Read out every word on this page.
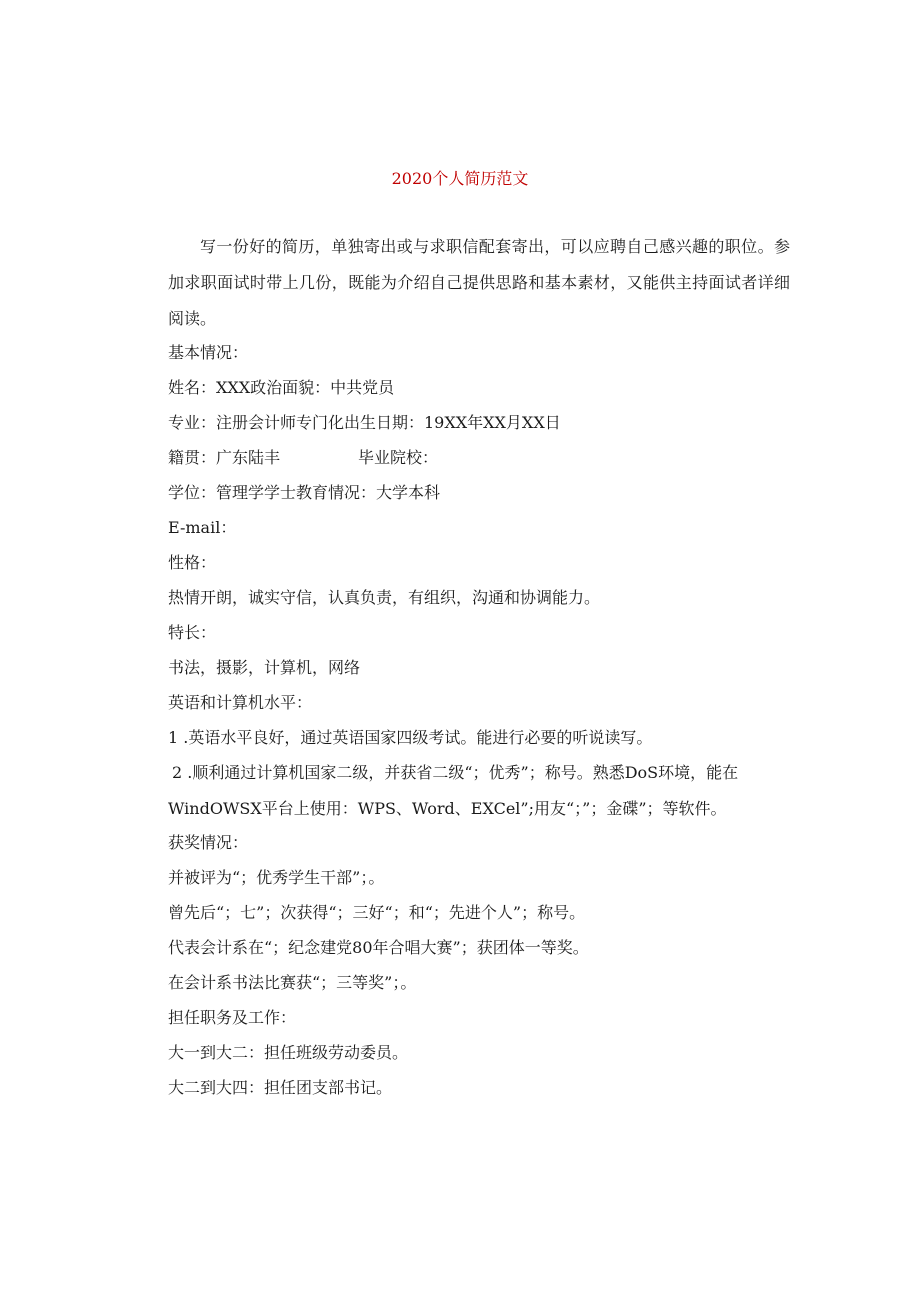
2020个人简历范文
写一份好的简历，单独寄出或与求职信配套寄出，可以应聘自己感兴趣的职位。参加求职面试时带上几份，既能为介绍自己提供思路和基本素材，又能供主持面试者详细阅读。
基本情况：
姓名：XXX政治面貌：中共党员
专业：注册会计师专门化出生日期：19XX年XX月XX日
籍贯：广东陆丰	毕业院校：
学位：管理学学士教育情况：大学本科
E-mail：
性格：
热情开朗，诚实守信，认真负责，有组织，沟通和协调能力。
特长：
书法，摄影，计算机，网络
英语和计算机水平：
1 .英语水平良好，通过英语国家四级考试。能进行必要的听说读写。
2 .顺利通过计算机国家二级，并获省二级“；优秀”；称号。熟悉DoS环境，能在WindOWSX平台上使用：WPS、Word、EXCel”;用友“；”；金碟”；等软件。
获奖情况：
并被评为“；优秀学生干部”；。
曾先后“；七”；次获得“；三好“；和“；先进个人”；称号。
代表会计系在“；纪念建党80年合唱大赛”；获团体一等奖。
在会计系书法比赛获“；三等奖”；。
担任职务及工作：
大一到大二：担任班级劳动委员。
大二到大四：担任团支部书记。
